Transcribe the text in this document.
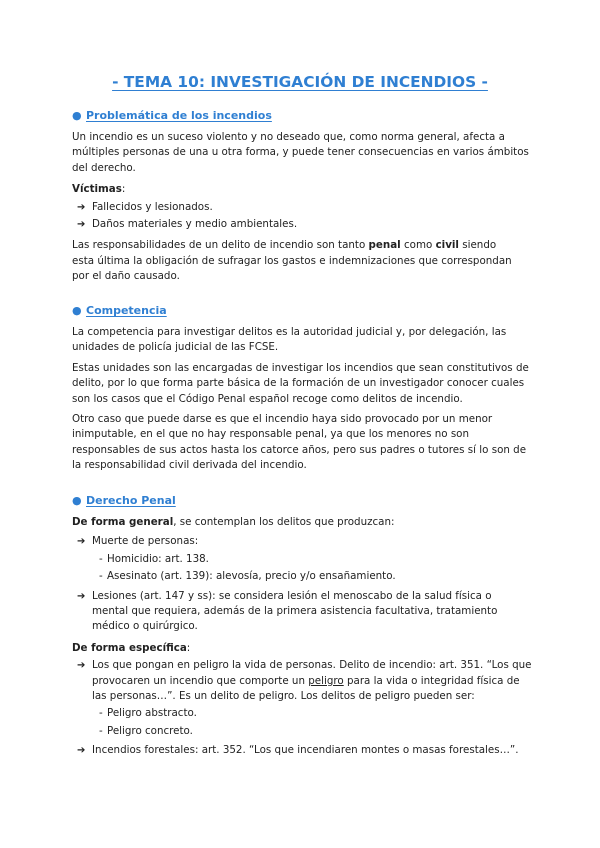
- TEMA 10: INVESTIGACIÓN DE INCENDIOS -
● Problemática de los incendios

Un incendio es un suceso violento y no deseado que, como norma general, afecta a múltiples personas de una u otra forma, y puede tener consecuencias en varios ámbitos del derecho.

Víctimas:

➔ Fallecidos y lesionados.
➔ Daños materiales y medio ambientales.

Las responsabilidades de un delito de incendio son tanto penal como civil siendo esta última la obligación de sufragar los gastos e indemnizaciones que correspondan por el daño causado.

● Competencia

La competencia para investigar delitos es la autoridad judicial y, por delegación, las unidades de policía judicial de las FCSE.

Estas unidades son las encargadas de investigar los incendios que sean constitutivos de delito, por lo que forma parte básica de la formación de un investigador conocer cuales son los casos que el Código Penal español recoge como delitos de incendio.

Otro caso que puede darse es que el incendio haya sido provocado por un menor inimputable, en el que no hay responsable penal, ya que los menores no son responsables de sus actos hasta los catorce años, pero sus padres o tutores sí lo son de la responsabilidad civil derivada del incendio.

● Derecho Penal

De forma general, se contemplan los delitos que produzcan:

➔ Muerte de personas:
- Homicidio: art. 138.
- Asesinato (art. 139): alevosía, precio y/o ensañamiento.
➔ Lesiones (art. 147 y ss): se considera lesión el menoscabo de la salud física o mental que requiera, además de la primera asistencia facultativa, tratamiento médico o quirúrgico.

De forma específica:

➔ Los que pongan en peligro la vida de personas. Delito de incendio: art. 351. “Los que provocaren un incendio que comporte un peligro para la vida o integridad física de las personas…”. Es un delito de peligro. Los delitos de peligro pueden ser:
- Peligro abstracto.
- Peligro concreto.
➔ Incendios forestales: art. 352. “Los que incendiaren montes o masas forestales…”.
